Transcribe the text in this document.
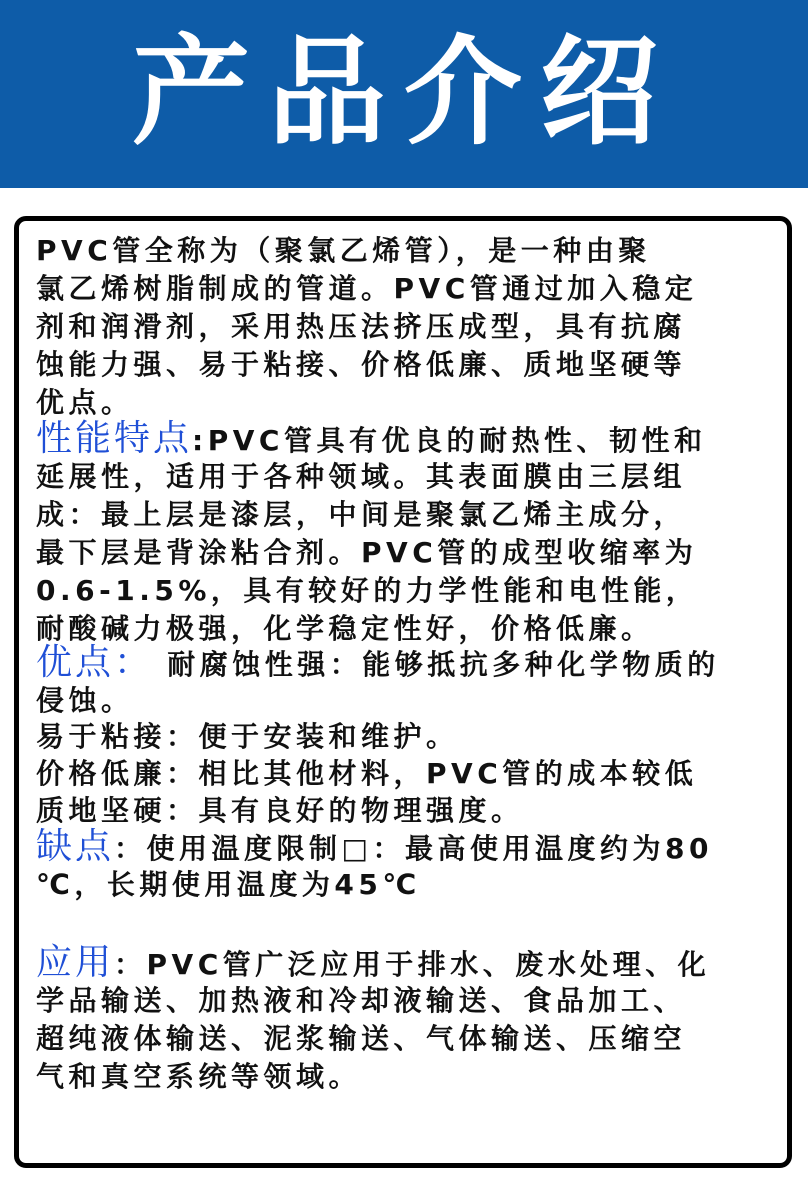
产品介绍
PVC管全称为（聚氯乙烯管），是一种由聚
氯乙烯树脂制成的管道。PVC管通过加入稳定
剂和润滑剂，采用热压法挤压成型，具有抗腐
蚀能力强、易于粘接、价格低廉、质地坚硬等
优点。
性能特点:PVC管具有优良的耐热性、韧性和
延展性，适用于各种领域。其表面膜由三层组
成：最上层是漆层，中间是聚氯乙烯主成分，
最下层是背涂粘合剂。PVC管的成型收缩率为
0.6-1.5%，具有较好的力学性能和电性能，
耐酸碱力极强，化学稳定性好，价格低廉。
优点： 耐腐蚀性强：能够抵抗多种化学物质的
侵蚀。
易于粘接：便于安装和维护。
价格低廉：相比其他材料，PVC管的成本较低
质地坚硬：具有良好的物理强度。
缺点：使用温度限制□：最高使用温度约为80
℃，长期使用温度为45℃
应用：PVC管广泛应用于排水、废水处理、化
学品输送、加热液和冷却液输送、食品加工、
超纯液体输送、泥浆输送、气体输送、压缩空
气和真空系统等领域。
